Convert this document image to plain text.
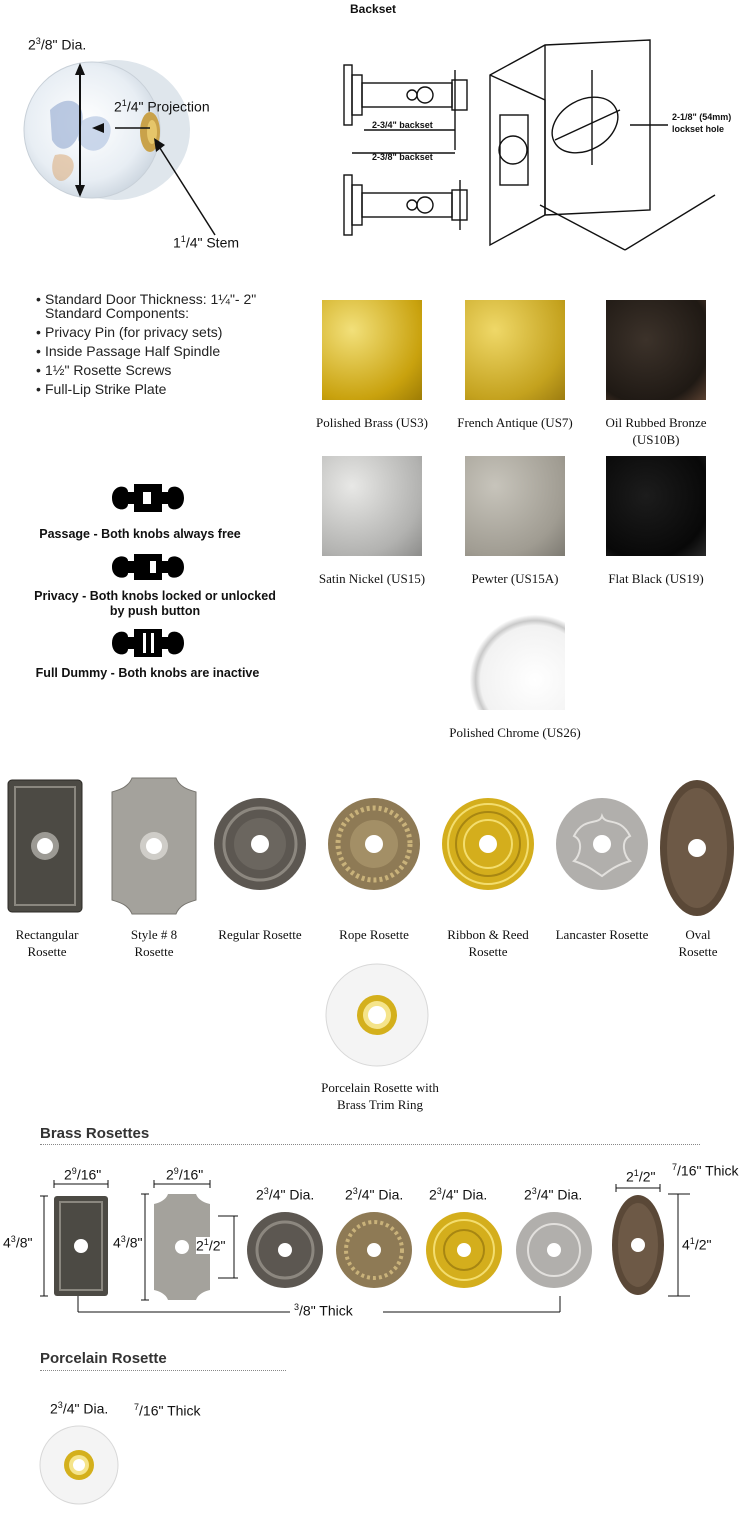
$2^3/8$" Dia.
$2^1/4$" Projection
$1^1/4$" Stem
Backset
2-3/4" backset
2-3/8" backset
2-1/8" (54mm)
lockset hole
• Standard Door Thickness: 1¼"- 2"
Standard Components:
• Privacy Pin (for privacy sets)
• Inside Passage Half Spindle
• 1½" Rosette Screws
• Full-Lip Strike Plate
Passage - Both knobs always free
Privacy - Both knobs locked or unlocked
by push button
Full Dummy - Both knobs are inactive
Polished Brass (US3)	French Antique (US7)	Oil Rubbed Bronze
(US10B)
Satin Nickel (US15)	Pewter (US15A)	Flat Black (US19)
Polished Chrome (US26)
Rectangular
Rosette
Style # 8
Rosette
Regular Rosette	Rope Rosette	Ribbon & Reed
Rosette
Lancaster Rosette	Oval
Rosette
Porcelain Rosette with
Brass Trim Ring
Brass Rosettes
$2^9/16$"
$4^3/8$"
$2^9/16$"
$4^3/8$"	$2^1/2$"
$2^3/4$" Dia. $2^3/4$" Dia. $2^3/4$" Dia.	$2^3/4$" Dia.
$2^1/2$"
$4^1/2$"
$^7$/16" Thick
$^3$/8" Thick
Porcelain Rosette
$2^3/4$" Dia.	$^7$/16" Thick
